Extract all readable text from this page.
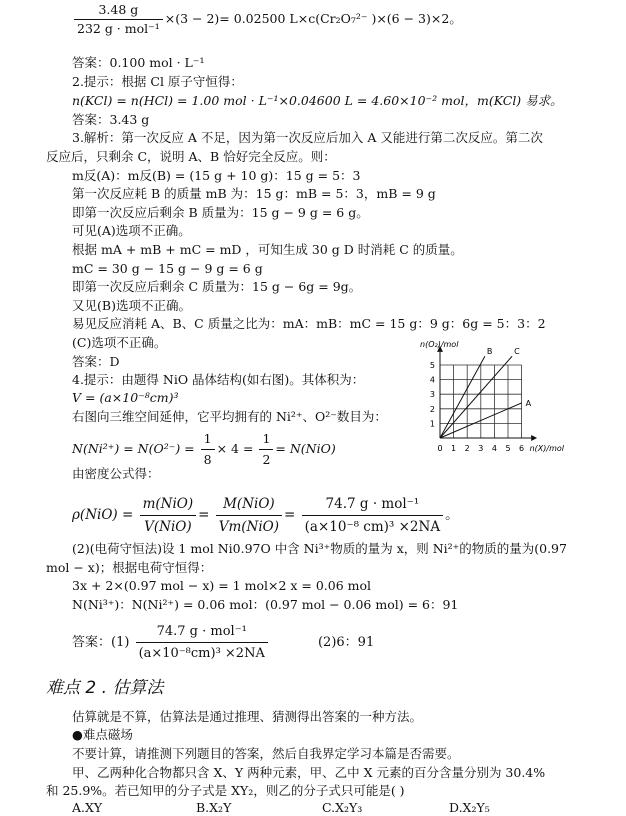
$\frac{3.48 g}{\text{232 g · mol⁻¹}} \times(3 - 2)= 0.02500$ L×c(Cr₂O₇²⁻ )×(6 − 3)×2。
答案：0.100 mol · L⁻¹
2.提示：根据 Cl 原子守恒得：
n(KCl) = n(HCl) = 1.00 mol · L⁻¹×0.04600 L = 4.60×10⁻² mol，m(KCl) 易求。
答案：3.43 g
3.解析：第一次反应 A 不足，因为第一次反应后加入 A 又能进行第二次反应。第二次
反应后，只剩余 C，说明 A、B 恰好完全反应。则：
m反(A)：m反(B) = (15 g + 10 g)：15 g = 5：3
第一次反应耗 B 的质量 mB 为：15 g：mB = 5：3，mB = 9 g
即第一次反应后剩余 B 质量为：15 g − 9 g = 6 g。
可见(A)选项不正确。
根据 mA + mB + mC = mD ，可知生成 30 g D 时消耗 C 的质量。
mC = 30 g − 15 g − 9 g = 6 g
即第一次反应后剩余 C 质量为：15 g − 6g = 9g。
又见(B)选项不正确。
易见反应消耗 A、B、C 质量之比为：mA：mB：mC = 15 g：9 g：6g = 5：3：2
(C)选项不正确。
答案：D
4.提示：由题得 NiO 晶体结构(如右图)。其体积为：
V = (a×10⁻⁸cm)³
右图向三维空间延伸，它平均拥有的 Ni²⁺、O²⁻数目为：
$N(Ni^{2+}) = N(O^{2-}) = \frac{1}{8} \times 4 = \frac{1}{2} = N(NiO)$
由密度公式得：
$\rho(NiO) = \frac{\text{m(NiO)}}{\text{V(NiO)}} = \frac{\text{M(NiO)}}{\text{Vm(NiO)}} = \frac{\text{74.7 g · mol⁻¹}}{\text{(a×10⁻⁸ cm)³ ×2NA}}$ 。
(2)(电荷守恒法)设 1 mol Ni0.97O 中含 Ni³⁺物质的量为 x，则 Ni²⁺的物质的量为(0.97
mol − x)；根据电荷守恒得：
3x + 2×(0.97 mol − x) = 1 mol×2 x = 0.06 mol
N(Ni³⁺)：N(Ni²⁺) = 0.06 mol：(0.97 mol − 0.06 mol) = 6：91
答案：$(1) \frac{\text{74.7 g · mol⁻¹}}{\text{(a×10⁻⁸cm)³ ×2NA}}$	(2)6：91
难点 2 . 估算法
估算就是不算，估算法是通过推理、猜测得出答案的一种方法。
●难点磁场
不要计算，请推测下列题目的答案，然后自我界定学习本篇是否需要。
甲、乙两种化合物都只含 X、Y 两种元素，甲、乙中 X 元素的百分含量分别为 30.4%
和 25.9%。若已知甲的分子式是 XY₂，则乙的分子式只可能是( )
A.XY	B.X₂Y	C.X₂Y₃	D.X₂Y₅
0 1 2 3 4 5 6
1
2
3
4
5
n(O₂)/mol
n(X)/mol
A
B	C
